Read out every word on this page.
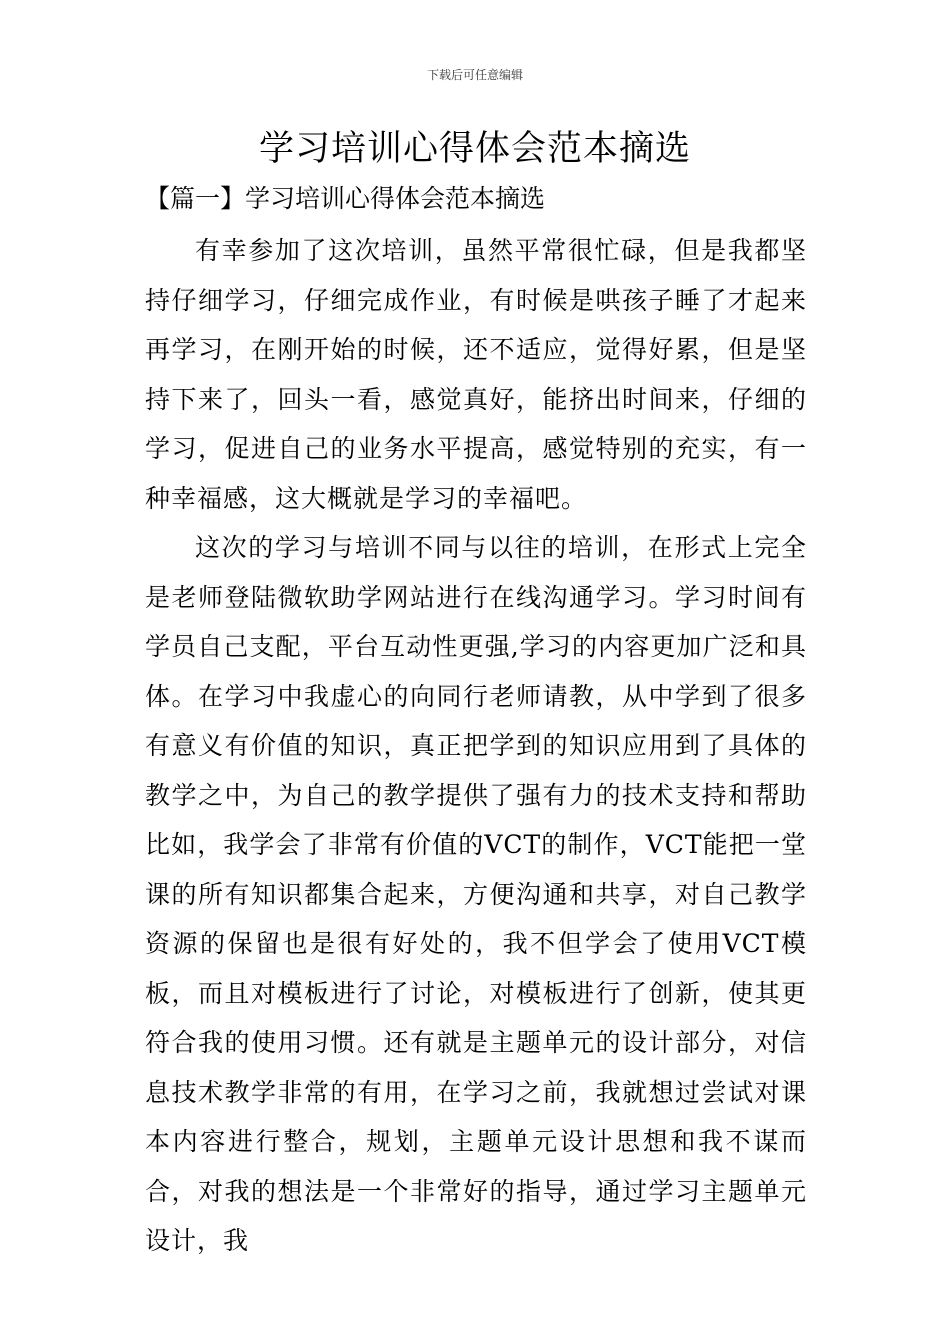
下载后可任意编辑
学习培训心得体会范本摘选
【篇一】学习培训心得体会范本摘选

有幸参加了这次培训，虽然平常很忙碌，但是我都坚持仔细学习，仔细完成作业，有时候是哄孩子睡了才起来再学习，在刚开始的时候，还不适应，觉得好累，但是坚持下来了，回头一看，感觉真好，能挤出时间来，仔细的学习，促进自己的业务水平提高，感觉特别的充实，有一种幸福感，这大概就是学习的幸福吧。

这次的学习与培训不同与以往的培训，在形式上完全是老师登陆微软助学网站进行在线沟通学习。学习时间有学员自己支配，平台互动性更强,学习的内容更加广泛和具体。在学习中我虚心的向同行老师请教，从中学到了很多有意义有价值的知识，真正把学到的知识应用到了具体的教学之中，为自己的教学提供了强有力的技术支持和帮助比如，我学会了非常有价值的VCT的制作，VCT能把一堂课的所有知识都集合起来，方便沟通和共享，对自己教学资源的保留也是很有好处的，我不但学会了使用VCT模板，而且对模板进行了讨论，对模板进行了创新，使其更符合我的使用习惯。还有就是主题单元的设计部分，对信息技术教学非常的有用，在学习之前，我就想过尝试对课本内容进行整合，规划，主题单元设计思想和我不谋而合，对我的想法是一个非常好的指导，通过学习主题单元设计，我
